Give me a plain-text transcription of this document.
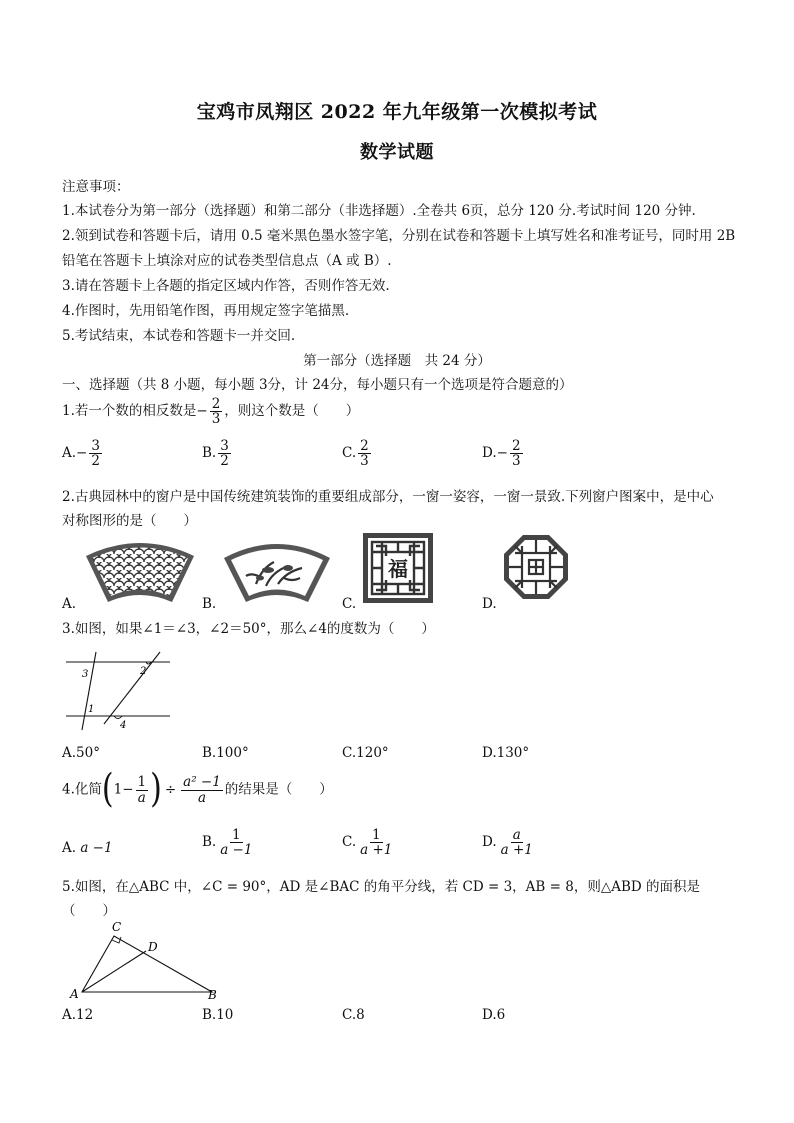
宝鸡市凤翔区 2022 年九年级第一次模拟考试
数学试题
注意事项：
1.本试卷分为第一部分（选择题）和第二部分（非选择题）.全卷共 6页，总分 120 分.考试时间 120 分钟.
2.领到试卷和答题卡后，请用 0.5 毫米黑色墨水签字笔，分别在试卷和答题卡上填写姓名和准考证号，同时用 2B
铅笔在答题卡上填涂对应的试卷类型信息点（A 或 B）.
3.请在答题卡上各题的指定区域内作答，否则作答无效.
4.作图时，先用铅笔作图，再用规定签字笔描黑.
5.考试结束，本试卷和答题卡一并交回.
第一部分（选择题　共 24 分）
一、选择题（共 8 小题，每小题 3分，计 24分，每小题只有一个选项是符合题意的）
1.若一个数的相反数是− $\frac{2}{3}$ ，则这个数是（　　）
$A.- \frac{3}{2}$	B. $\frac{3}{2}$	C. $\frac{2}{3}$	$D.- \frac{2}{3}$
2.古典园林中的窗户是中国传统建筑装饰的重要组成部分，一窗一姿容，一窗一景致.下列窗户图案中，是中心
对称图形的是（　　）
福
A.	B.	C.	D.
3.如图，如果∠1＝∠3，∠2＝50°，那么∠4的度数为（　　）
3	2
1
4
A.50°	B.100°	C.120°	D.130°
4.化简($1- \frac{1}{a}$ ) ÷ $\frac{\text{a² −1}}{a}$ 的结果是（　　）
A. a −1	B. $\frac{1}{a -1}$	C. $\frac{1}{a +1}$	D. $\frac{a}{a +1}$
5.如图，在△ABC 中，∠C = 90°，AD 是∠BAC 的角平分线，若 CD = 3，AB = 8，则△ABD 的面积是
（　　）
C
D
A	B
A.12	B.10	C.8	D.6
